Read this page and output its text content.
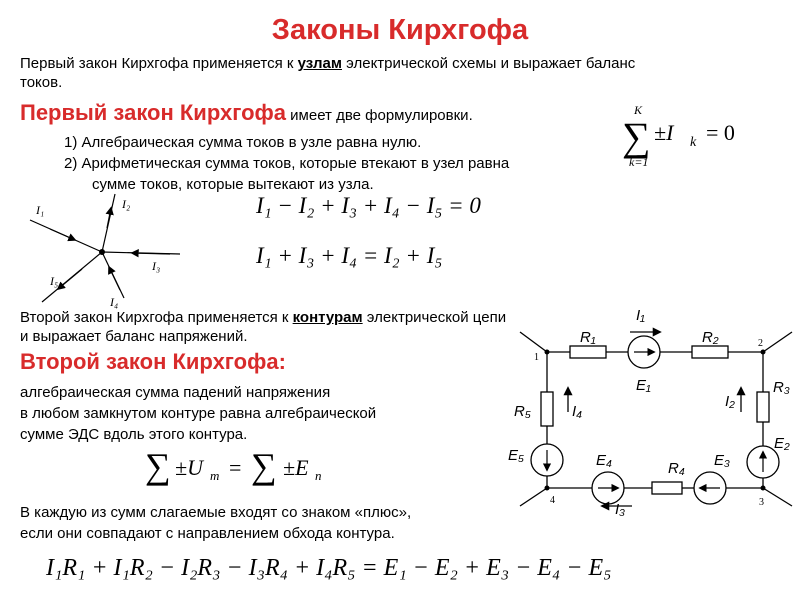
Законы Кирхгофа
Первый закон Кирхгофа применяется к узлам электрической схемы и выражает баланс
токов.
Первый закон Кирхгофа имеет две формулировки.
1) Алгебраическая сумма токов в узле равна нулю.
2) Арифметическая сумма токов, которые втекают в узел равна
сумме токов, которые вытекают из узла.
K
∑
k=1
±I k = 0
I₁	I₂
I₃
I₄
I₅
I₁ − I₂ + I₃ + I₄ − I₅ = 0
I₁ + I₃ + I₄ = I₂ + I₅
Второй закон Кирхгофа применяется к контурам электрической цепи
и выражает баланс напряжений.
Второй закон Кирхгофа:
алгебраическая сумма падений напряжения
в любом замкнутом контуре равна алгебраической
сумме ЭДС вдоль этого контура.
∑ ±U m = ∑ ±E n
В каждую из сумм слагаемые входят со знаком «плюс»,
если они совпадают с направлением обхода контура.
I₁R₁ + I₁R₂ − I₂R₃ − I₃R₄ + I₄R₅ = E₁ − E₂ + E₃ − E₄ − E₅
1
2
3
4
R₁
I₁
R₂
E₁	R₃
I₂
E₂
R₅	I₄
E₅	E₄	R₄ E₃
I₃
